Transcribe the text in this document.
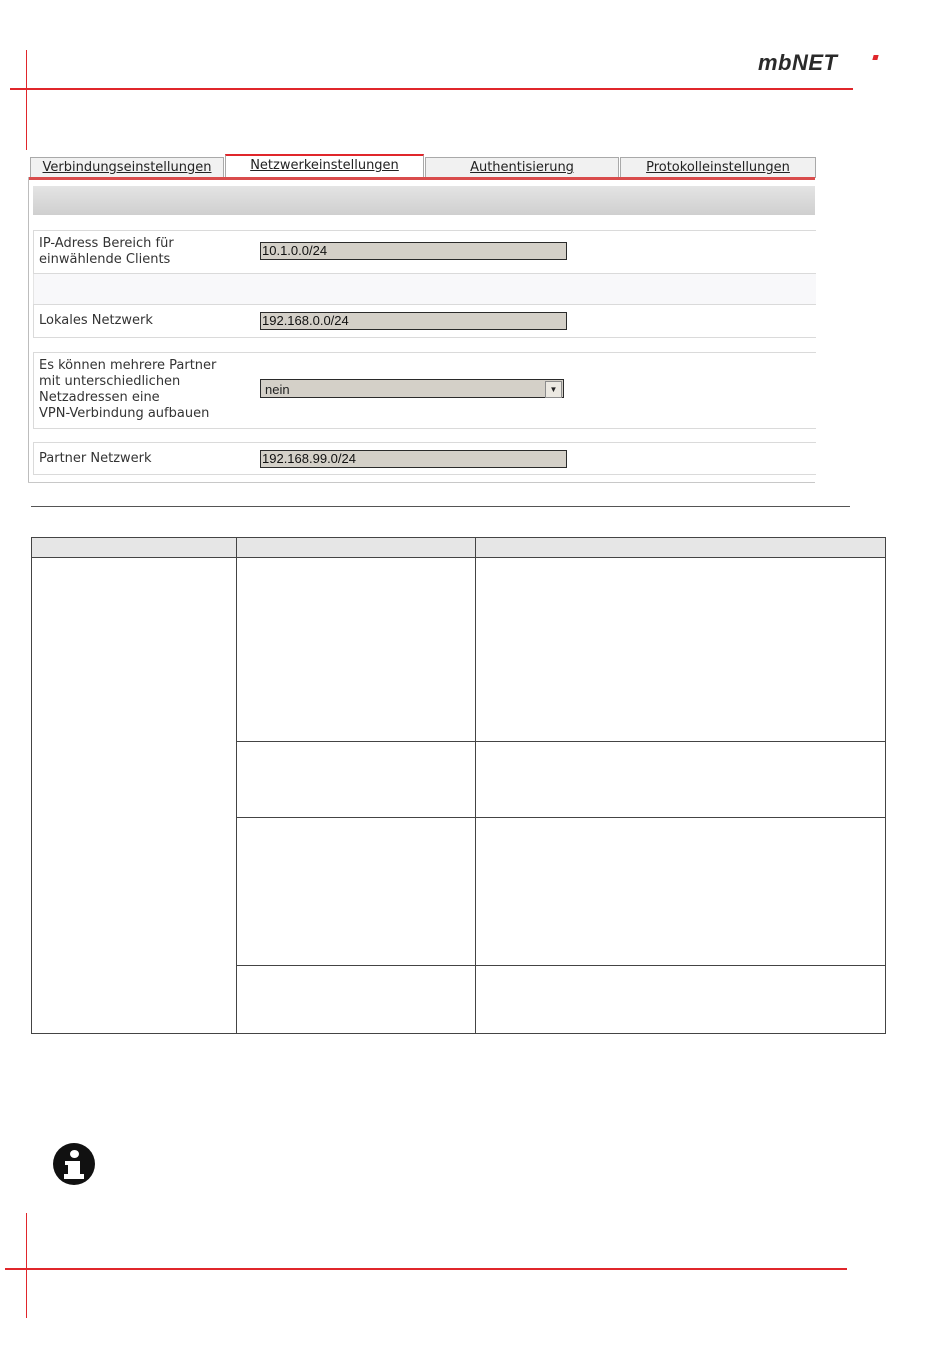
mbNET
Verbindungseinstellungen	Netzwerkeinstellungen	Authentisierung	Protokolleinstellungen
IP-Adress Bereich für
einwählende Clients
10.1.0.0/24
Lokales Netzwerk	192.168.0.0/24
Es können mehrere Partner
mit unterschiedlichen
Netzadressen eine
VPN-Verbindung aufbauen
nein	▼
Partner Netzwerk	192.168.99.0/24
